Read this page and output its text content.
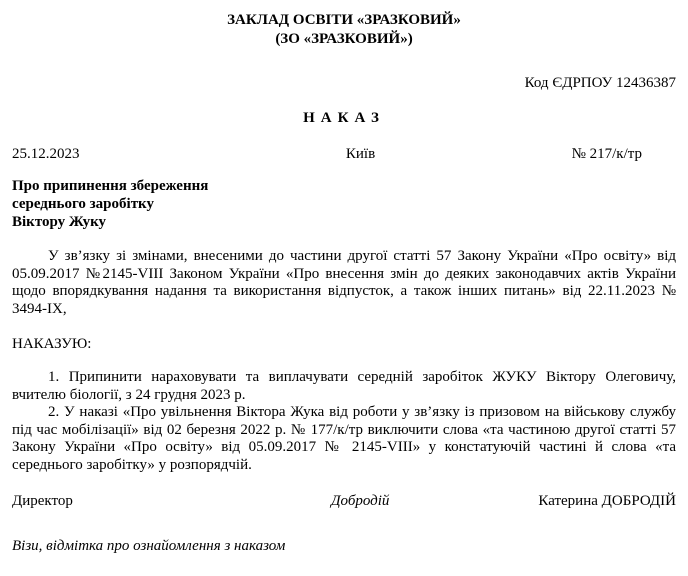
ЗАКЛАД ОСВІТИ «ЗРАЗКОВИЙ»
(ЗО «ЗРАЗКОВИЙ»)
Код ЄДРПОУ 12436387
НАКАЗ
25.12.2023	Київ	№ 217/к/тр
Про припинення збереження
середнього заробітку
Віктору Жуку
У зв’язку зі змінами, внесеними до частини другої статті 57 Закону України «Про освіту» від 05.09.2017 №2145-VIII Законом України «Про внесення змін до деяких законодавчих актів України щодо впорядкування надання та використання відпусток, а також інших питань» від 22.11.2023 № 3494-IX,
НАКАЗУЮ:
1. Припинити нараховувати та виплачувати середній заробіток ЖУКУ Віктору Олеговичу, вчителю біології, з 24 грудня 2023 р.
2. У наказі «Про увільнення Віктора Жука від роботи у зв’язку із призовом на військову службу під час мобілізації» від 02 березня 2022 р. № 177/к/тр виключити слова «та частиною другої статті 57 Закону України «Про освіту» від 05.09.2017 № 2145-VIII» у констатуючій частині й слова «та середнього заробітку» у розпорядчій.
Директор	Добродій	Катерина ДОБРОДІЙ
Візи, відмітка про ознайомлення з наказом
